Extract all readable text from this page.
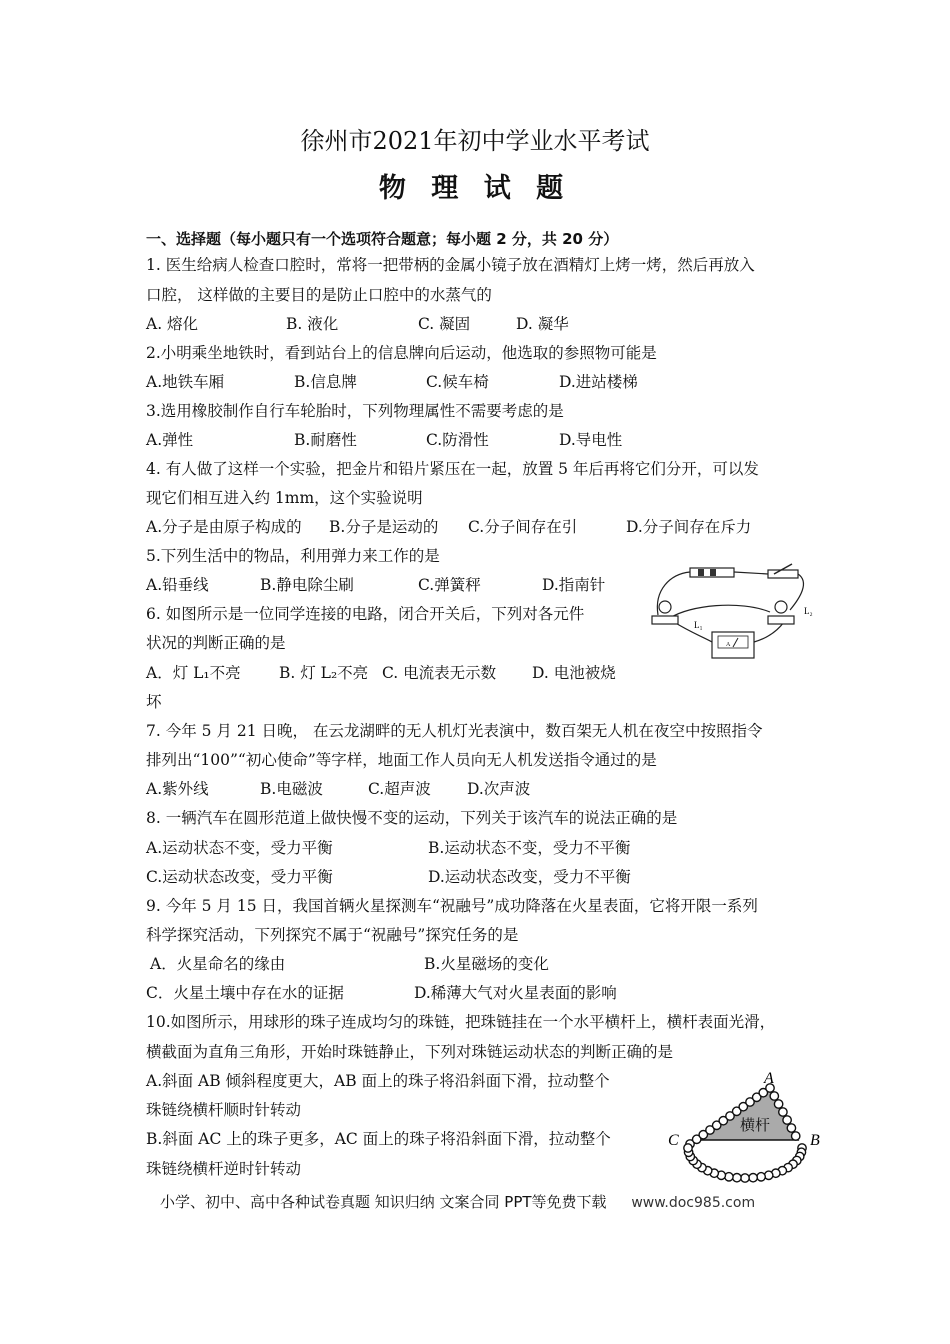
徐州市2021年初中学业水平考试
物 理 试 题
一、选择题（每小题只有一个选项符合题意；每小题 2 分，共 20 分）
1. 医生给病人检查口腔时，常将一把带柄的金属小镜子放在酒精灯上烤一烤，然后再放入
口腔， 这样做的主要目的是防止口腔中的水蒸气的
A. 熔化	B. 液化	C. 凝固	D. 凝华
2.小明乘坐地铁时，看到站台上的信息牌向后运动，他选取的参照物可能是
A.地铁车厢	B.信息牌	C.候车椅	D.进站楼梯
3.选用橡胶制作自行车轮胎时，下列物理属性不需要考虑的是
A.弹性	B.耐磨性	C.防滑性	D.导电性
4. 有人做了这样一个实验，把金片和铅片紧压在一起，放置 5 年后再将它们分开，可以发
现它们相互进入约 1mm，这个实验说明
A.分子是由原子构成的 B.分子是运动的 C.分子间存在引	D.分子间存在斥力
5.下列生活中的物品，利用弹力来工作的是
A.铅垂线	B.静电除尘刷	C.弹簧秤	D.指南针
6. 如图所示是一位同学连接的电路，闭合开关后，下列对各元件
状况的判断正确的是
A．灯 L₁不亮 B. 灯 L₂不亮 C. 电流表无示数 D. 电池被烧
坏
A
L₁
L₂
7. 今年 5 月 21 日晚， 在云龙湖畔的无人机灯光表演中，数百架无人机在夜空中按照指令
排列出“100”“初心使命”等字样，地面工作人员向无人机发送指令通过的是
A.紫外线	B.电磁波	C.超声波 D.次声波
8. 一辆汽车在圆形范道上做快慢不变的运动，下列关于该汽车的说法正确的是
A.运动状态不变，受力平衡	B.运动状态不变，受力不平衡
C.运动状态改变，受力平衡	D.运动状态改变，受力不平衡
9. 今年 5 月 15 日，我国首辆火星探测车“祝融号”成功降落在火星表面，它将开限一系列
科学探究活动，下列探究不属于“祝融号”探究任务的是
A．火星命名的缘由	B.火星磁场的变化
C．火星土壤中存在水的证据	D.稀薄大气对火星表面的影响
10.如图所示，用球形的珠子连成均匀的珠链，把珠链挂在一个水平横杆上，横杆表面光滑，
横截面为直角三角形，开始时珠链静止，下列对珠链运动状态的判断正确的是
A.斜面 AB 倾斜程度更大，AB 面上的珠子将沿斜面下滑，拉动整个
珠链绕横杆顺时针转动
B.斜面 AC 上的珠子更多，AC 面上的珠子将沿斜面下滑，拉动整个
珠链绕横杆逆时针转动
横杆
A
B
C
小学、初中、高中各种试卷真题 知识归纳 文案合同 PPT等免费下载 www.doc985.com
